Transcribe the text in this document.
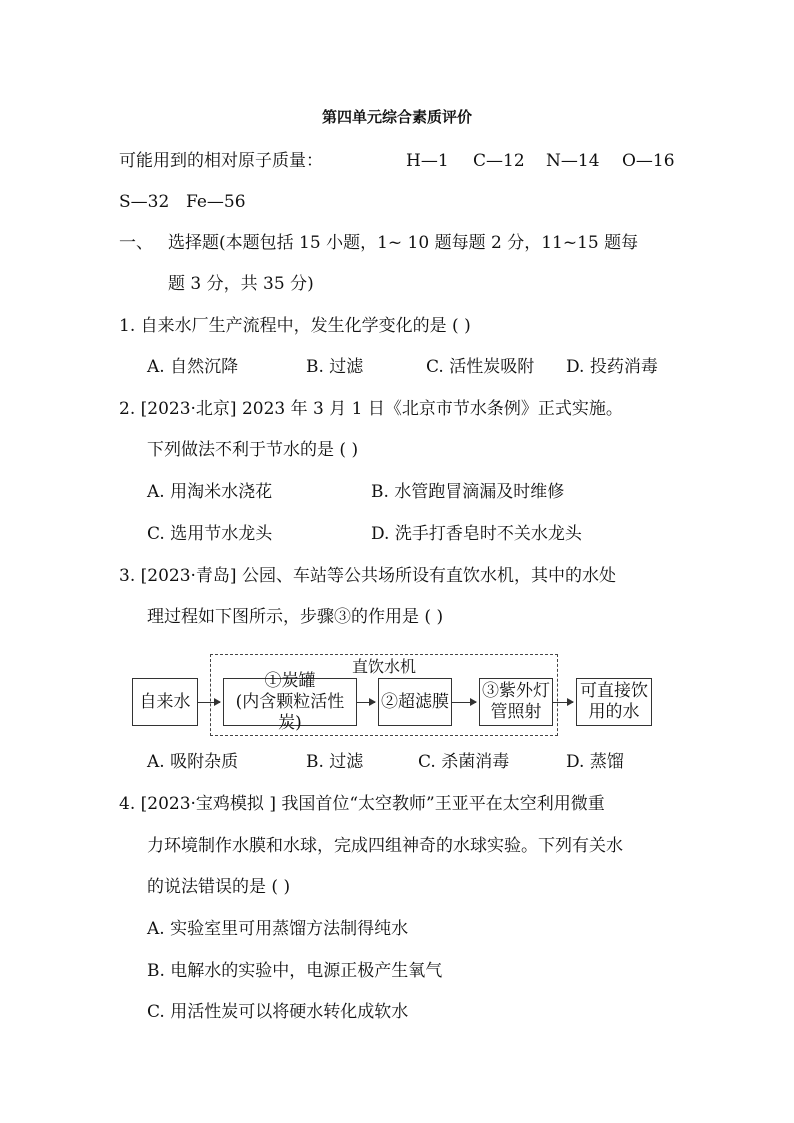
第四单元综合素质评价
可能用到的相对原子质量：	H—1 C—12 N—14 O—16
S—32 Fe—56
一、 选择题(本题包括 15 小题，1~ 10 题每题 2 分，11~15 题每
题 3 分，共 35 分)
1. 自来水厂生产流程中，发生化学变化的是 ( )
A. 自然沉降	B. 过滤	C. 活性炭吸附 D. 投药消毒
2. [2023·北京] 2023 年 3 月 1 日《北京市节水条例》正式实施。
下列做法不利于节水的是 ( )
A. 用淘米水浇花	B. 水管跑冒滴漏及时维修
C. 选用节水龙头	D. 洗手打香皂时不关水龙头
3. [2023·青岛] 公园、车站等公共场所设有直饮水机，其中的水处
理过程如下图所示，步骤③的作用是 ( )
直饮水机
自来水
①炭罐
(内含颗粒活性炭)
②超滤膜
③紫外灯
管照射
可直接饮
用的水
A. 吸附杂质	B. 过滤	C. 杀菌消毒	D. 蒸馏
4. [2023·宝鸡模拟 ] 我国首位“太空教师”王亚平在太空利用微重
力环境制作水膜和水球，完成四组神奇的水球实验。下列有关水
的说法错误的是 ( )
A. 实验室里可用蒸馏方法制得纯水
B. 电解水的实验中，电源正极产生氧气
C. 用活性炭可以将硬水转化成软水
